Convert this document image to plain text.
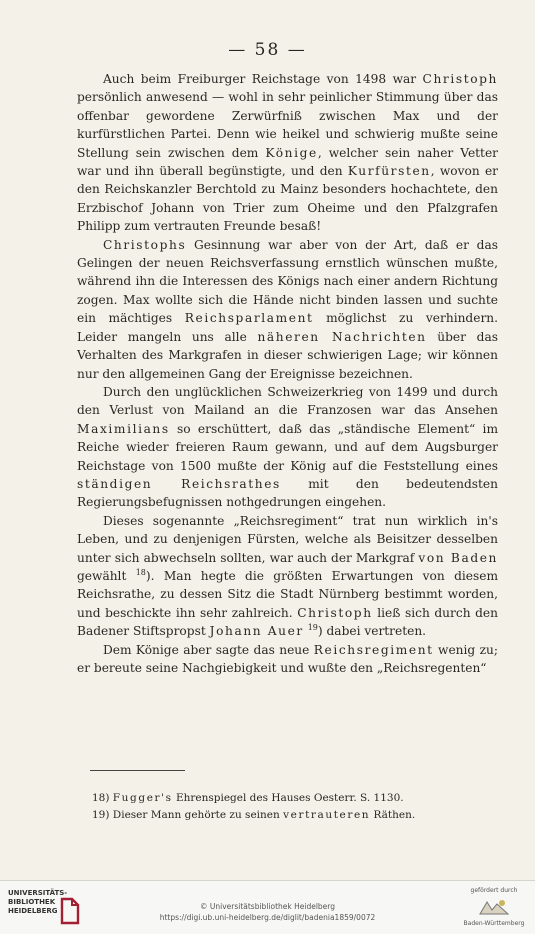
— 58 —

Auch beim Freiburger Reichstage von 1498 war Christoph persönlich anwesend — wohl in sehr peinlicher Stimmung über das offenbar gewordene Zerwürfniß zwischen Max und der kurfürstlichen Partei. Denn wie heikel und schwierig mußte seine Stellung sein zwischen dem Könige, welcher sein naher Vetter war und ihn überall begünstigte, und den Kurfürsten, wovon er den Reichskanzler Berchtold zu Mainz besonders hochachtete, den Erzbischof Johann von Trier zum Oheime und den Pfalzgrafen Philipp zum vertrauten Freunde besaß!

Christophs Gesinnung war aber von der Art, daß er das Gelingen der neuen Reichsverfassung ernstlich wünschen mußte, während ihn die Interessen des Königs nach einer andern Richtung zogen. Max wollte sich die Hände nicht binden lassen und suchte ein mächtiges Reichsparlament möglichst zu verhindern. Leider mangeln uns alle näheren Nachrichten über das Verhalten des Markgrafen in dieser schwierigen Lage; wir können nur den allgemeinen Gang der Ereignisse bezeichnen.

Durch den unglücklichen Schweizerkrieg von 1499 und durch den Verlust von Mailand an die Franzosen war das Ansehen Maximilians so erschüttert, daß das „ständische Element“ im Reiche wieder freieren Raum gewann, und auf dem Augsburger Reichstage von 1500 mußte der König auf die Feststellung eines ständigen Reichsrathes mit den bedeutendsten Regierungsbefugnissen nothgedrungen eingehen.

Dieses sogenannte „Reichsregiment“ trat nun wirklich in's Leben, und zu denjenigen Fürsten, welche als Beisitzer desselben unter sich abwechseln sollten, war auch der Markgraf von Baden gewählt $^{18}$). Man hegte die größten Erwartungen von diesem Reichsrathe, zu dessen Sitz die Stadt Nürnberg bestimmt worden, und beschickte ihn sehr zahlreich. Christoph ließ sich durch den Badener Stiftspropst Johann Auer $^{19}$) dabei vertreten.

Dem Könige aber sagte das neue Reichsregiment wenig zu; er bereute seine Nachgiebigkeit und wußte den „Reichsregenten“

18) Fugger's Ehrenspiegel des Hauses Oesterr. S. 1130.

19) Dieser Mann gehörte zu seinen vertrauteren Räthen.

UNIVERSITÄTS-BIBLIOTHEK HEIDELBERG	© Universitätsbibliothek Heidelberg
https://digi.ub.uni-heidelberg.de/diglit/badenia1859/0072
gefördert durch
Baden-Württemberg
